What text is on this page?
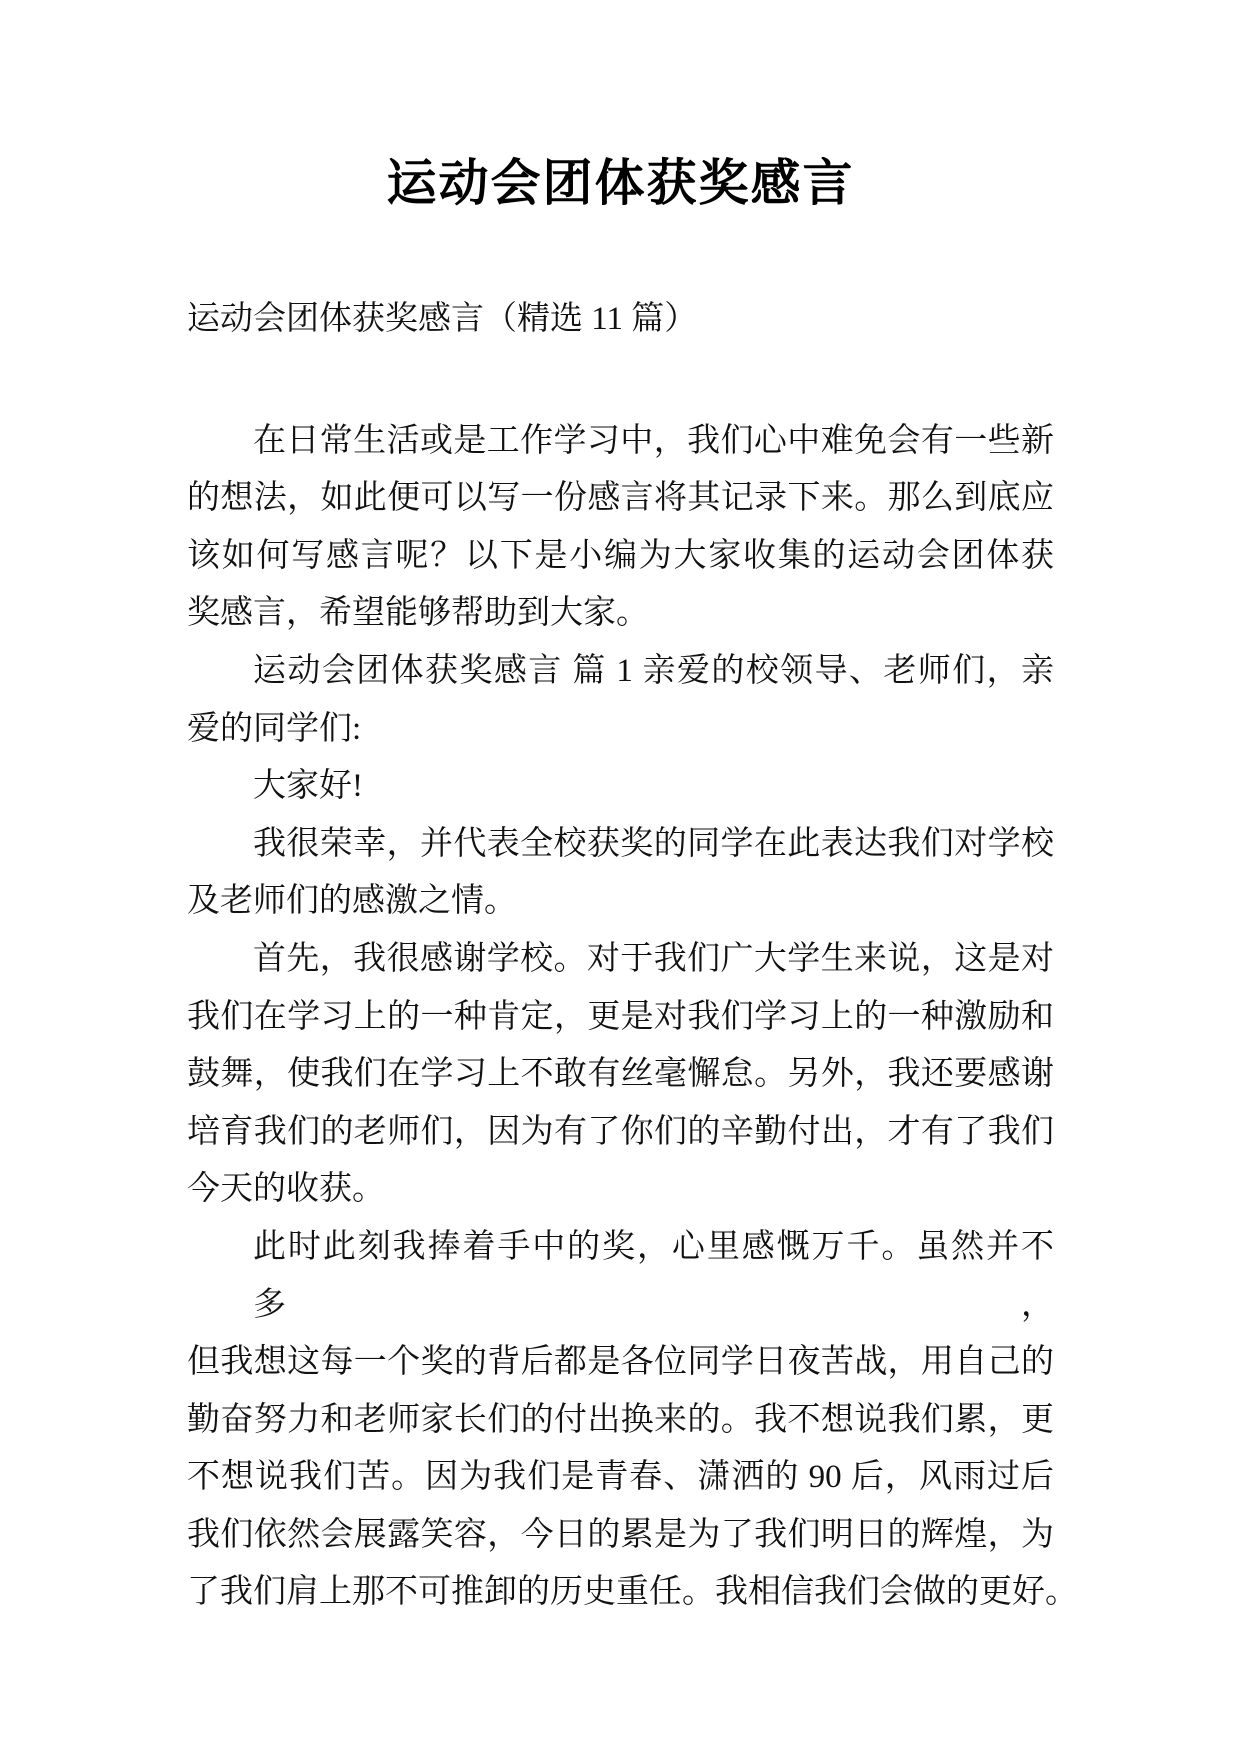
运动会团体获奖感言

运动会团体获奖感言（精选 11 篇）

在日常生活或是工作学习中，我们心中难免会有一些新
的想法，如此便可以写一份感言将其记录下来。那么到底应
该如何写感言呢？以下是小编为大家收集的运动会团体获
奖感言，希望能够帮助到大家。
运动会团体获奖感言 篇 1 亲爱的校领导、老师们，亲
爱的同学们:
大家好!
我很荣幸，并代表全校获奖的同学在此表达我们对学校
及老师们的感激之情。
首先，我很感谢学校。对于我们广大学生来说，这是对
我们在学习上的一种肯定，更是对我们学习上的一种激励和
鼓舞，使我们在学习上不敢有丝毫懈怠。另外，我还要感谢
培育我们的老师们，因为有了你们的辛勤付出，才有了我们
今天的收获。
此时此刻我捧着手中的奖，心里感慨万千。虽然并不多，
但我想这每一个奖的背后都是各位同学日夜苦战，用自己的
勤奋努力和老师家长们的付出换来的。我不想说我们累，更
不想说我们苦。因为我们是青春、潇洒的 90 后，风雨过后
我们依然会展露笑容，今日的累是为了我们明日的辉煌，为
了我们肩上那不可推卸的历史重任。我相信我们会做的更好。
